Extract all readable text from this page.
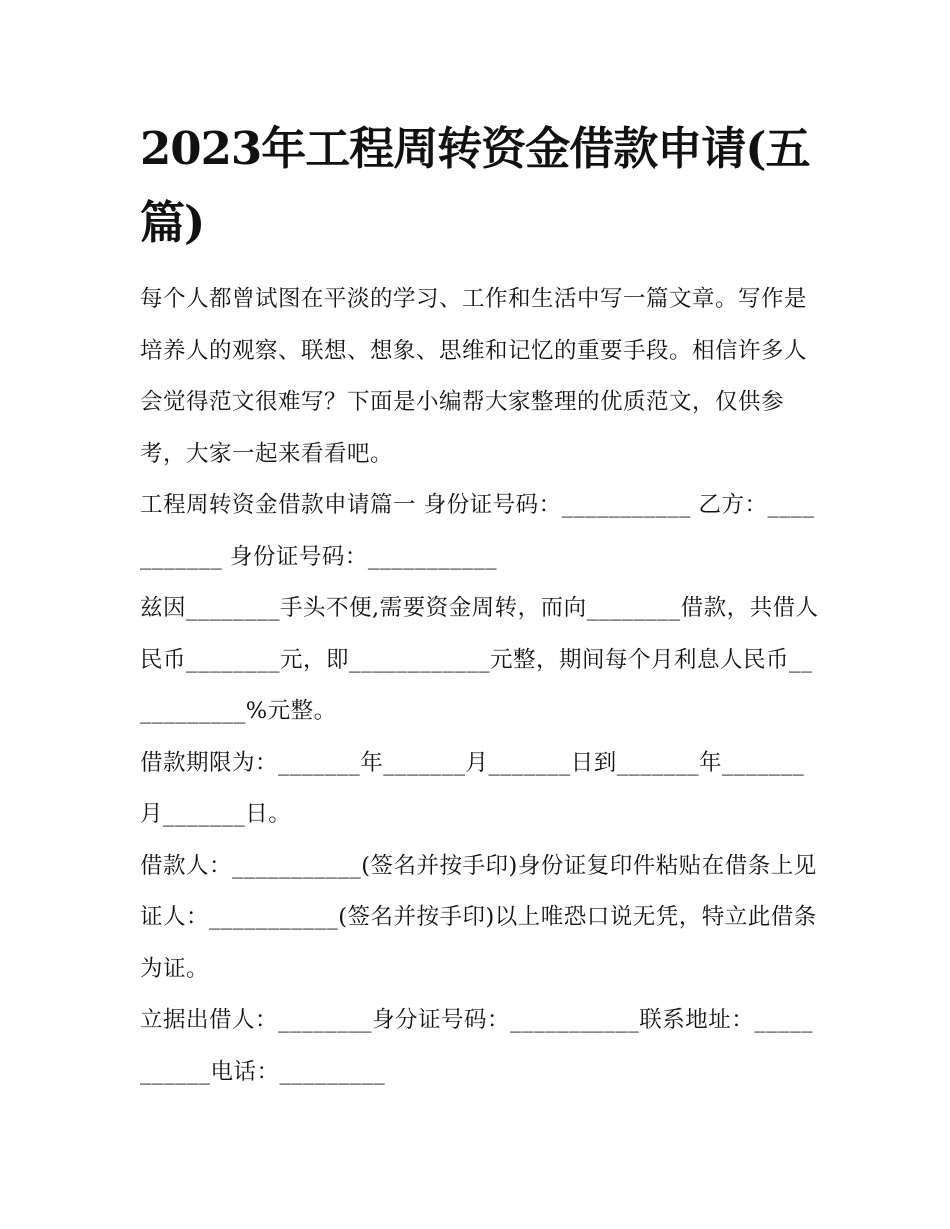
2023年工程周转资金借款申请(五篇)

每个人都曾试图在平淡的学习、工作和生活中写一篇文章。写作是培养人的观察、联想、想象、思维和记忆的重要手段。相信许多人会觉得范文很难写？下面是小编帮大家整理的优质范文，仅供参考，大家一起来看看吧。

工程周转资金借款申请篇一 身份证号码：___________ 乙方：___________ 身份证号码：___________

兹因________手头不便,需要资金周转，而向________借款，共借人民币________元，即____________元整，期间每个月利息人民币___________%元整。

借款期限为：_______年_______月_______日到_______年_______月_______日。

借款人：___________(签名并按手印)身份证复印件粘贴在借条上见证人：___________(签名并按手印)以上唯恐口说无凭，特立此借条为证。

立据出借人：________身分证号码：___________联系地址：___________电话：_________
